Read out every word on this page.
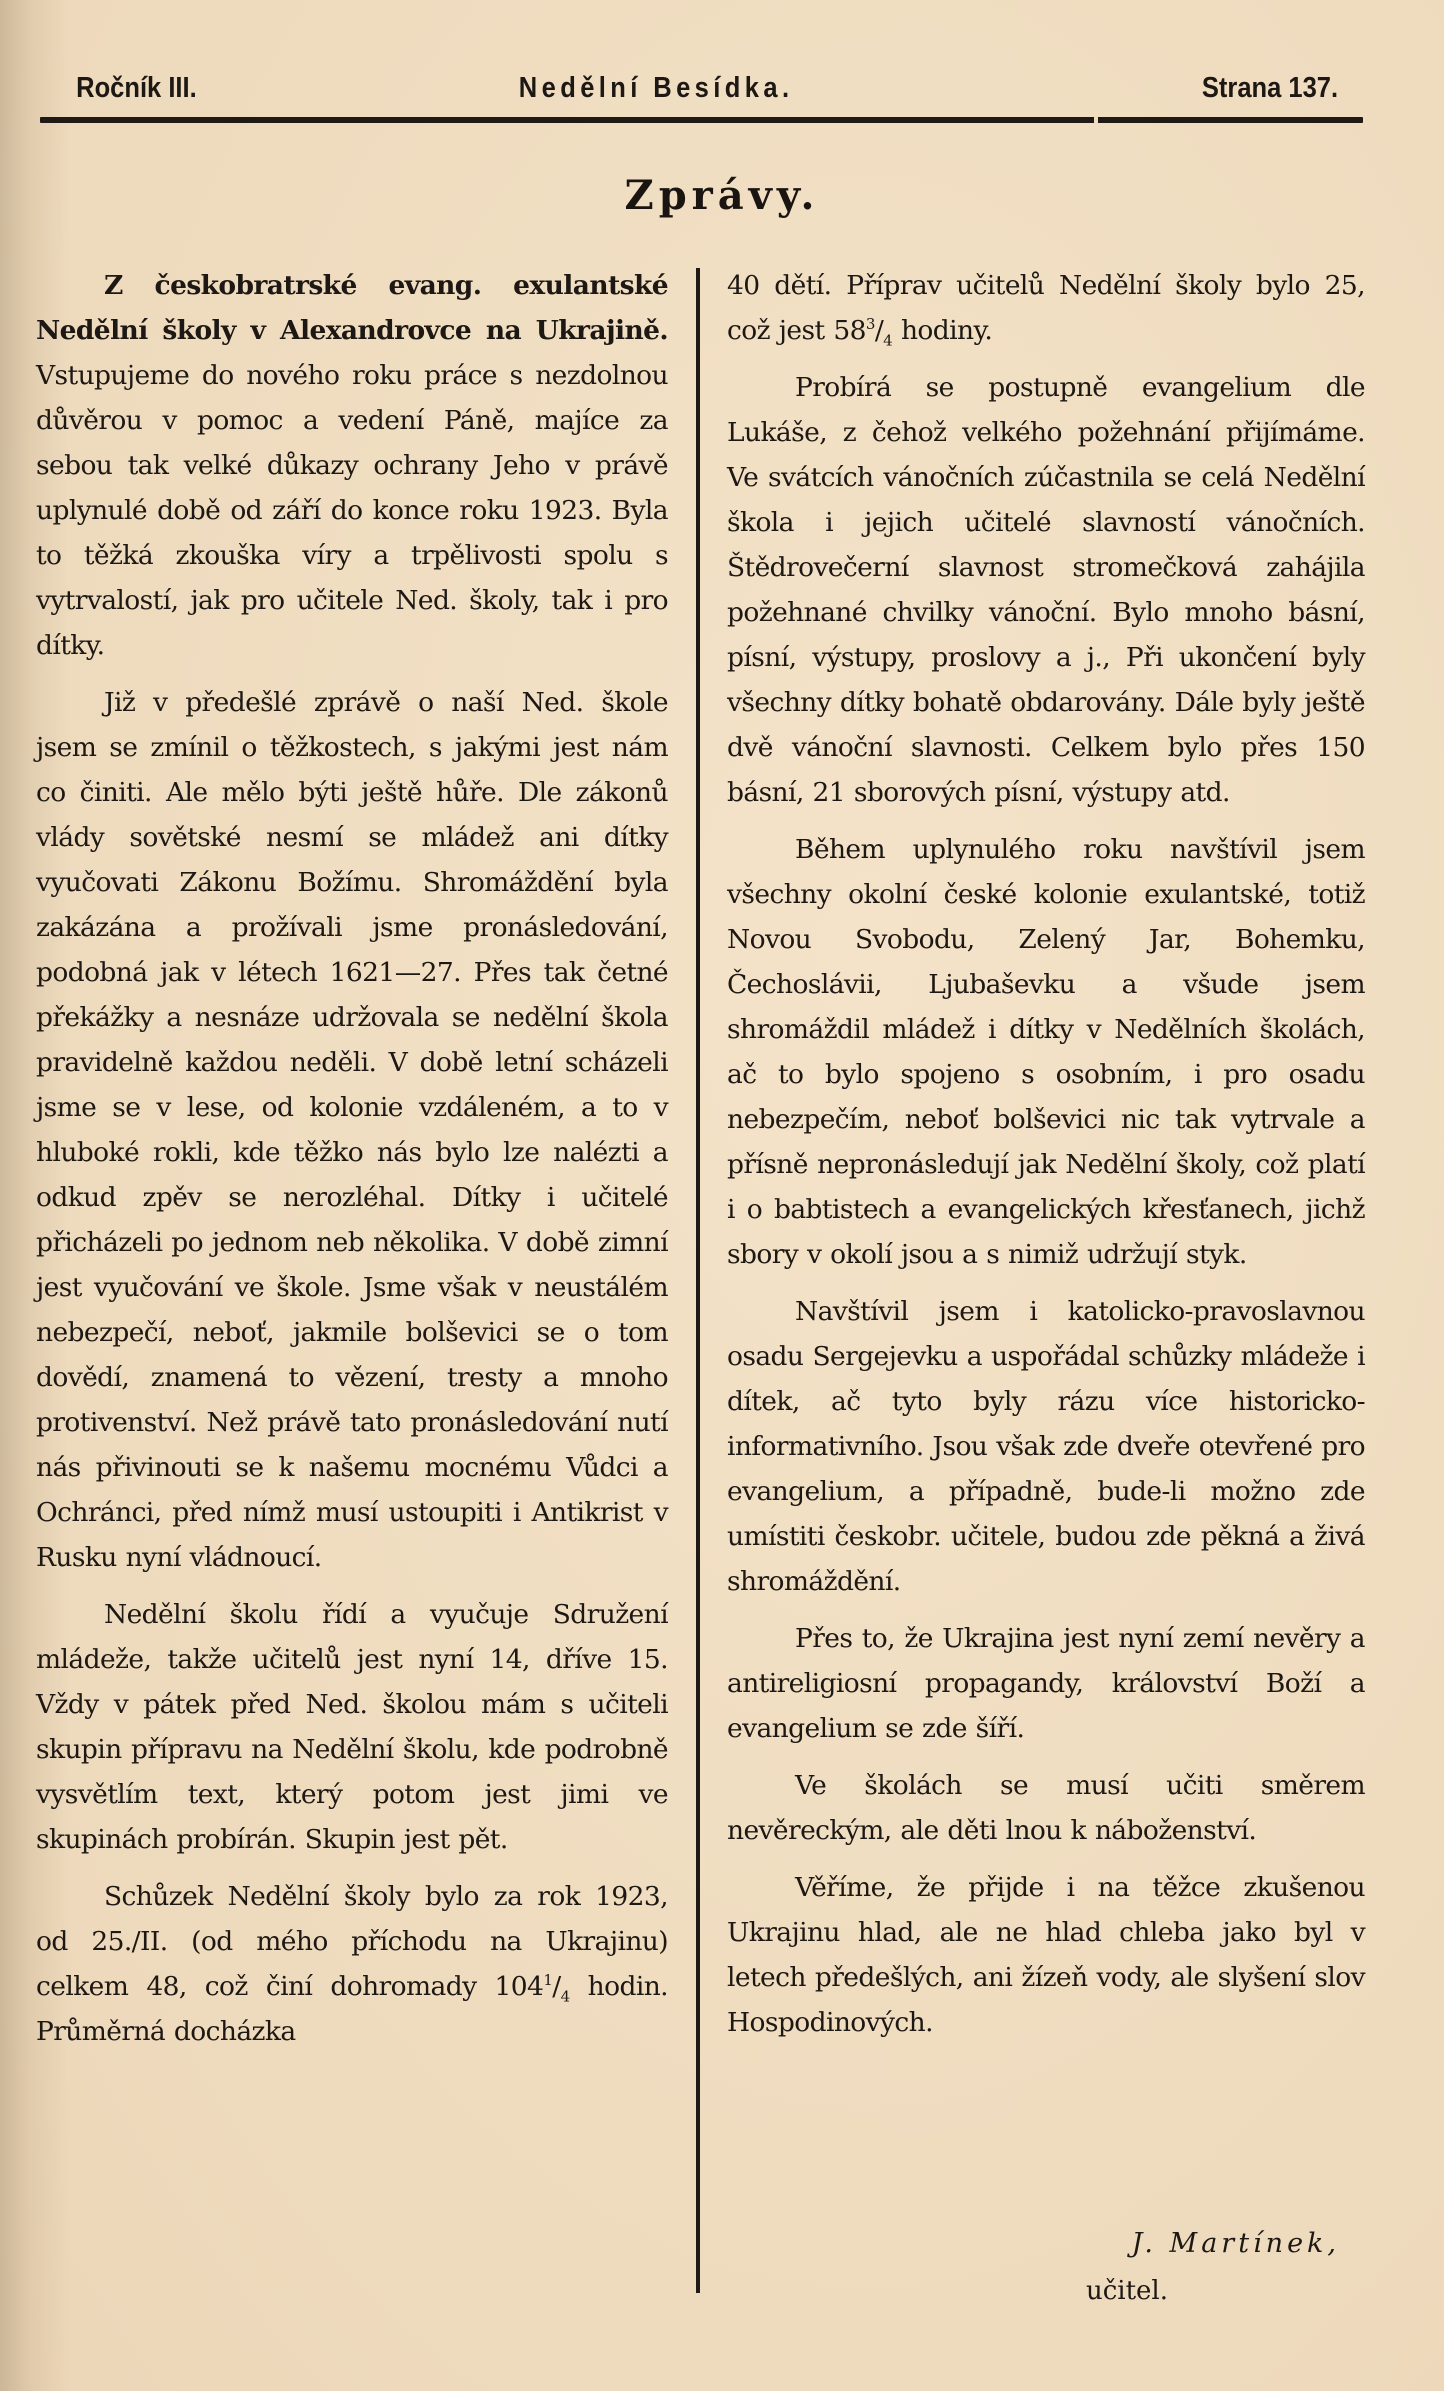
Ročník III.	Nedělní Besídka.	Strana 137.
Zprávy.

Z českobratrské evang. exulantské Nedělní školy v Alexandrovce na Ukrajině. Vstupujeme do nového roku práce s nezdolnou důvěrou v pomoc a vedení Páně, majíce za sebou tak velké důkazy ochrany Jeho v právě uplynulé době od září do konce roku 1923. Byla to těžká zkouška víry a trpělivosti spolu s vytrvalostí, jak pro učitele Ned. školy, tak i pro dítky.

Již v předešlé zprávě o naší Ned. škole jsem se zmínil o těžkostech, s jakými jest nám co činiti. Ale mělo býti ještě hůře. Dle zákonů vlády sovětské nesmí se mládež ani dítky vyučovati Zákonu Božímu. Shromáždění byla zakázána a prožívali jsme pronásledování, podobná jak v létech 1621—27. Přes tak četné překážky a nesnáze udržovala se nedělní škola pravidelně každou neděli. V době letní scházeli jsme se v lese, od kolonie vzdáleném, a to v hluboké rokli, kde těžko nás bylo lze nalézti a odkud zpěv se nerozléhal. Dítky i učitelé přicházeli po jednom neb několika. V době zimní jest vyučování ve škole. Jsme však v neustálém nebezpečí, neboť, jakmile bolševici se o tom dovědí, znamená to vězení, tresty a mnoho protivenství. Než právě tato pronásledování nutí nás přivinouti se k našemu mocnému Vůdci a Ochránci, před nímž musí ustoupiti i Antikrist v Rusku nyní vládnoucí.

Nedělní školu řídí a vyučuje Sdružení mládeže, takže učitelů jest nyní 14, dříve 15. Vždy v pátek před Ned. školou mám s učiteli skupin přípravu na Nedělní školu, kde podrobně vysvětlím text, který potom jest jimi ve skupinách probírán. Skupin jest pět.

Schůzek Nedělní školy bylo za rok 1923, od 25./II. (od mého příchodu na Ukrajinu) celkem 48, což činí dohromady $104^1/_4$ hodin. Průměrná docházka

40 dětí. Příprav učitelů Nedělní školy bylo 25, což jest $58^3/_4$ hodiny.

Probírá se postupně evangelium dle Lukáše, z čehož velkého požehnání přijímáme. Ve svátcích vánočních zúčastnila se celá Nedělní škola i jejich učitelé slavností vánočních. Štědrovečerní slavnost stromečková zahájila požehnané chvilky vánoční. Bylo mnoho básní, písní, výstupy, proslovy a j., Při ukončení byly všechny dítky bohatě obdarovány. Dále byly ještě dvě vánoční slavnosti. Celkem bylo přes 150 básní, 21 sborových písní, výstupy atd.

Během uplynulého roku navštívil jsem všechny okolní české kolonie exulantské, totiž Novou Svobodu, Zelený Jar, Bohemku, Čechoslávii, Ljubaševku a všude jsem shromáždil mládež i dítky v Nedělních školách, ač to bylo spojeno s osobním, i pro osadu nebezpečím, neboť bolševici nic tak vytrvale a přísně nepronásledují jak Nedělní školy, což platí i o babtistech a evangelických křesťanech, jichž sbory v okolí jsou a s nimiž udržují styk.

Navštívil jsem i katolicko-pravoslavnou osadu Sergejevku a uspořádal schůzky mládeže i dítek, ač tyto byly rázu více historicko-informativního. Jsou však zde dveře otevřené pro evangelium, a případně, bude-li možno zde umístiti českobr. učitele, budou zde pěkná a živá shromáždění.

Přes to, že Ukrajina jest nyní zemí nevěry a antireligiosní propagandy, království Boží a evangelium se zde šíří.

Ve školách se musí učiti směrem nevěreckým, ale děti lnou k náboženství.

Věříme, že přijde i na těžce zkušenou Ukrajinu hlad, ale ne hlad chleba jako byl v letech předešlých, ani žízeň vody, ale slyšení slov Hospodinových.

J. Martínek,
učitel.
